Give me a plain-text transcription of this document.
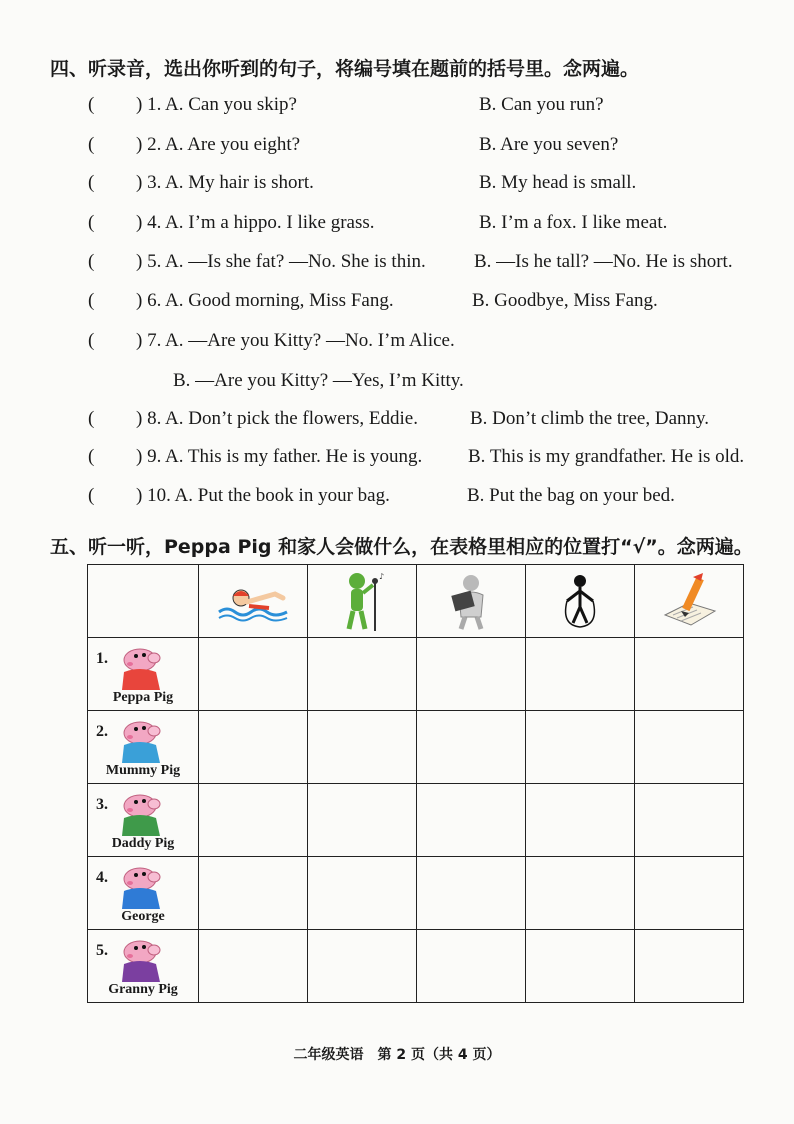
四、听录音，选出你听到的句子，将编号填在题前的括号里。念两遍。
( ) 1. A. Can you skip?	B. Can you run?
( ) 2. A. Are you eight?	B. Are you seven?
( ) 3. A. My hair is short.	B. My head is small.
( ) 4. A. I’m a hippo. I like grass.	B. I’m a fox. I like meat.
( ) 5. A. —Is she fat? —No. She is thin.	B. —Is he tall? —No. He is short.
( ) 6. A. Good morning, Miss Fang.	B. Goodbye, Miss Fang.
( ) 7. A. —Are you Kitty? —No. I’m Alice.
B. —Are you Kitty? —Yes, I’m Kitty.
( ) 8. A. Don’t pick the flowers, Eddie.	B. Don’t climb the tree, Danny.
( ) 9. A. This is my father. He is young. B. This is my grandfather. He is old.
( ) 10. A. Put the book in your bag.	B. Put the bag on your bed.
五、听一听，Peppa Pig 和家人会做什么，在表格里相应的位置打“√”。念两遍。

♪

1.
Peppa Pig					

2.
Mummy Pig					

3.
Daddy Pig					

4.
George					

5.
Granny Pig					

二年级英语　第 2 页（共 4 页）
